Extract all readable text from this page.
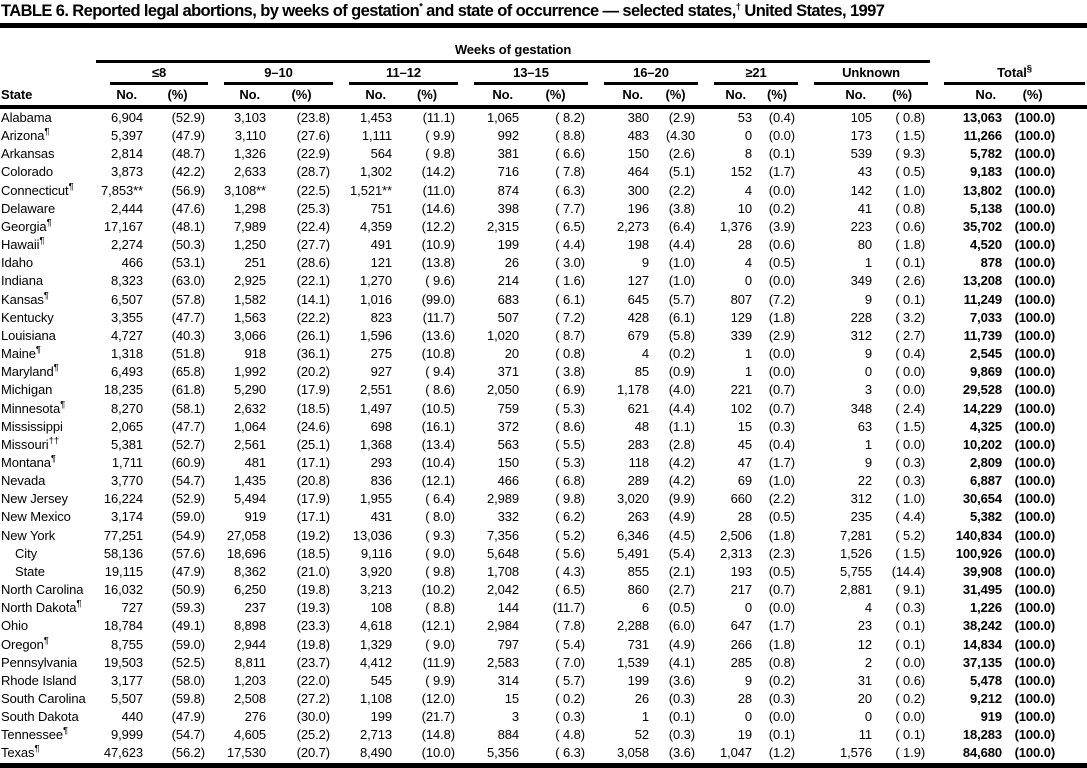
TABLE 6. Reported legal abortions, by weeks of gestation* and state of occurrence — selected states,† United States, 1997
	Weeks of gestation															

	≤8		9–10		11–12		13–15		16–20		≥21		Unknown		Total§

State	No.	(%)	No.	(%)	No.	(%)	No.	(%)	No.	(%)	No.	(%)	No.	(%)	No.	(%)
Alabama	6,904	(52.9)	3,103	(23.8)	1,453	(11.1)	1,065	( 8.2)	380	(2.9)	53	(0.4)	105	( 0.8)	13,063	(100.0)
Arizona¶	5,397	(47.9)	3,110	(27.6)	1,111	( 9.9)	992	( 8.8)	483	(4.30	0	(0.0)	173	( 1.5)	11,266	(100.0)
Arkansas	2,814	(48.7)	1,326	(22.9)	564	( 9.8)	381	( 6.6)	150	(2.6)	8	(0.1)	539	( 9.3)	5,782	(100.0)
Colorado	3,873	(42.2)	2,633	(28.7)	1,302	(14.2)	716	( 7.8)	464	(5.1)	152	(1.7)	43	( 0.5)	9,183	(100.0)
Connecticut¶	7,853**	(56.9)	3,108**	(22.5)	1,521**	(11.0)	874	( 6.3)	300	(2.2)	4	(0.0)	142	( 1.0)	13,802	(100.0)
Delaware	2,444	(47.6)	1,298	(25.3)	751	(14.6)	398	( 7.7)	196	(3.8)	10	(0.2)	41	( 0.8)	5,138	(100.0)
Georgia¶	17,167	(48.1)	7,989	(22.4)	4,359	(12.2)	2,315	( 6.5)	2,273	(6.4)	1,376	(3.9)	223	( 0.6)	35,702	(100.0)
Hawaii¶	2,274	(50.3)	1,250	(27.7)	491	(10.9)	199	( 4.4)	198	(4.4)	28	(0.6)	80	( 1.8)	4,520	(100.0)
Idaho	466	(53.1)	251	(28.6)	121	(13.8)	26	( 3.0)	9	(1.0)	4	(0.5)	1	( 0.1)	878	(100.0)
Indiana	8,323	(63.0)	2,925	(22.1)	1,270	( 9.6)	214	( 1.6)	127	(1.0)	0	(0.0)	349	( 2.6)	13,208	(100.0)
Kansas¶	6,507	(57.8)	1,582	(14.1)	1,016	(99.0)	683	( 6.1)	645	(5.7)	807	(7.2)	9	( 0.1)	11,249	(100.0)
Kentucky	3,355	(47.7)	1,563	(22.2)	823	(11.7)	507	( 7.2)	428	(6.1)	129	(1.8)	228	( 3.2)	7,033	(100.0)
Louisiana	4,727	(40.3)	3,066	(26.1)	1,596	(13.6)	1,020	( 8.7)	679	(5.8)	339	(2.9)	312	( 2.7)	11,739	(100.0)
Maine¶	1,318	(51.8)	918	(36.1)	275	(10.8)	20	( 0.8)	4	(0.2)	1	(0.0)	9	( 0.4)	2,545	(100.0)
Maryland¶	6,493	(65.8)	1,992	(20.2)	927	( 9.4)	371	( 3.8)	85	(0.9)	1	(0.0)	0	( 0.0)	9,869	(100.0)
Michigan	18,235	(61.8)	5,290	(17.9)	2,551	( 8.6)	2,050	( 6.9)	1,178	(4.0)	221	(0.7)	3	( 0.0)	29,528	(100.0)
Minnesota¶	8,270	(58.1)	2,632	(18.5)	1,497	(10.5)	759	( 5.3)	621	(4.4)	102	(0.7)	348	( 2.4)	14,229	(100.0)
Mississippi	2,065	(47.7)	1,064	(24.6)	698	(16.1)	372	( 8.6)	48	(1.1)	15	(0.3)	63	( 1.5)	4,325	(100.0)
Missouri††	5,381	(52.7)	2,561	(25.1)	1,368	(13.4)	563	( 5.5)	283	(2.8)	45	(0.4)	1	( 0.0)	10,202	(100.0)
Montana¶	1,711	(60.9)	481	(17.1)	293	(10.4)	150	( 5.3)	118	(4.2)	47	(1.7)	9	( 0.3)	2,809	(100.0)
Nevada	3,770	(54.7)	1,435	(20.8)	836	(12.1)	466	( 6.8)	289	(4.2)	69	(1.0)	22	( 0.3)	6,887	(100.0)
New Jersey	16,224	(52.9)	5,494	(17.9)	1,955	( 6.4)	2,989	( 9.8)	3,020	(9.9)	660	(2.2)	312	( 1.0)	30,654	(100.0)
New Mexico	3,174	(59.0)	919	(17.1)	431	( 8.0)	332	( 6.2)	263	(4.9)	28	(0.5)	235	( 4.4)	5,382	(100.0)
New York	77,251	(54.9)	27,058	(19.2)	13,036	( 9.3)	7,356	( 5.2)	6,346	(4.5)	2,506	(1.8)	7,281	( 5.2)	140,834	(100.0)
City	58,136	(57.6)	18,696	(18.5)	9,116	( 9.0)	5,648	( 5.6)	5,491	(5.4)	2,313	(2.3)	1,526	( 1.5)	100,926	(100.0)
State	19,115	(47.9)	8,362	(21.0)	3,920	( 9.8)	1,708	( 4.3)	855	(2.1)	193	(0.5)	5,755	(14.4)	39,908	(100.0)
North Carolina	16,032	(50.9)	6,250	(19.8)	3,213	(10.2)	2,042	( 6.5)	860	(2.7)	217	(0.7)	2,881	( 9.1)	31,495	(100.0)
North Dakota¶	727	(59.3)	237	(19.3)	108	( 8.8)	144	(11.7)	6	(0.5)	0	(0.0)	4	( 0.3)	1,226	(100.0)
Ohio	18,784	(49.1)	8,898	(23.3)	4,618	(12.1)	2,984	( 7.8)	2,288	(6.0)	647	(1.7)	23	( 0.1)	38,242	(100.0)
Oregon¶	8,755	(59.0)	2,944	(19.8)	1,329	( 9.0)	797	( 5.4)	731	(4.9)	266	(1.8)	12	( 0.1)	14,834	(100.0)
Pennsylvania	19,503	(52.5)	8,811	(23.7)	4,412	(11.9)	2,583	( 7.0)	1,539	(4.1)	285	(0.8)	2	( 0.0)	37,135	(100.0)
Rhode Island	3,177	(58.0)	1,203	(22.0)	545	( 9.9)	314	( 5.7)	199	(3.6)	9	(0.2)	31	( 0.6)	5,478	(100.0)
South Carolina	5,507	(59.8)	2,508	(27.2)	1,108	(12.0)	15	( 0.2)	26	(0.3)	28	(0.3)	20	( 0.2)	9,212	(100.0)
South Dakota	440	(47.9)	276	(30.0)	199	(21.7)	3	( 0.3)	1	(0.1)	0	(0.0)	0	( 0.0)	919	(100.0)
Tennessee¶	9,999	(54.7)	4,605	(25.2)	2,713	(14.8)	884	( 4.8)	52	(0.3)	19	(0.1)	11	( 0.1)	18,283	(100.0)
Texas¶	47,623	(56.2)	17,530	(20.7)	8,490	(10.0)	5,356	( 6.3)	3,058	(3.6)	1,047	(1.2)	1,576	( 1.9)	84,680	(100.0)
